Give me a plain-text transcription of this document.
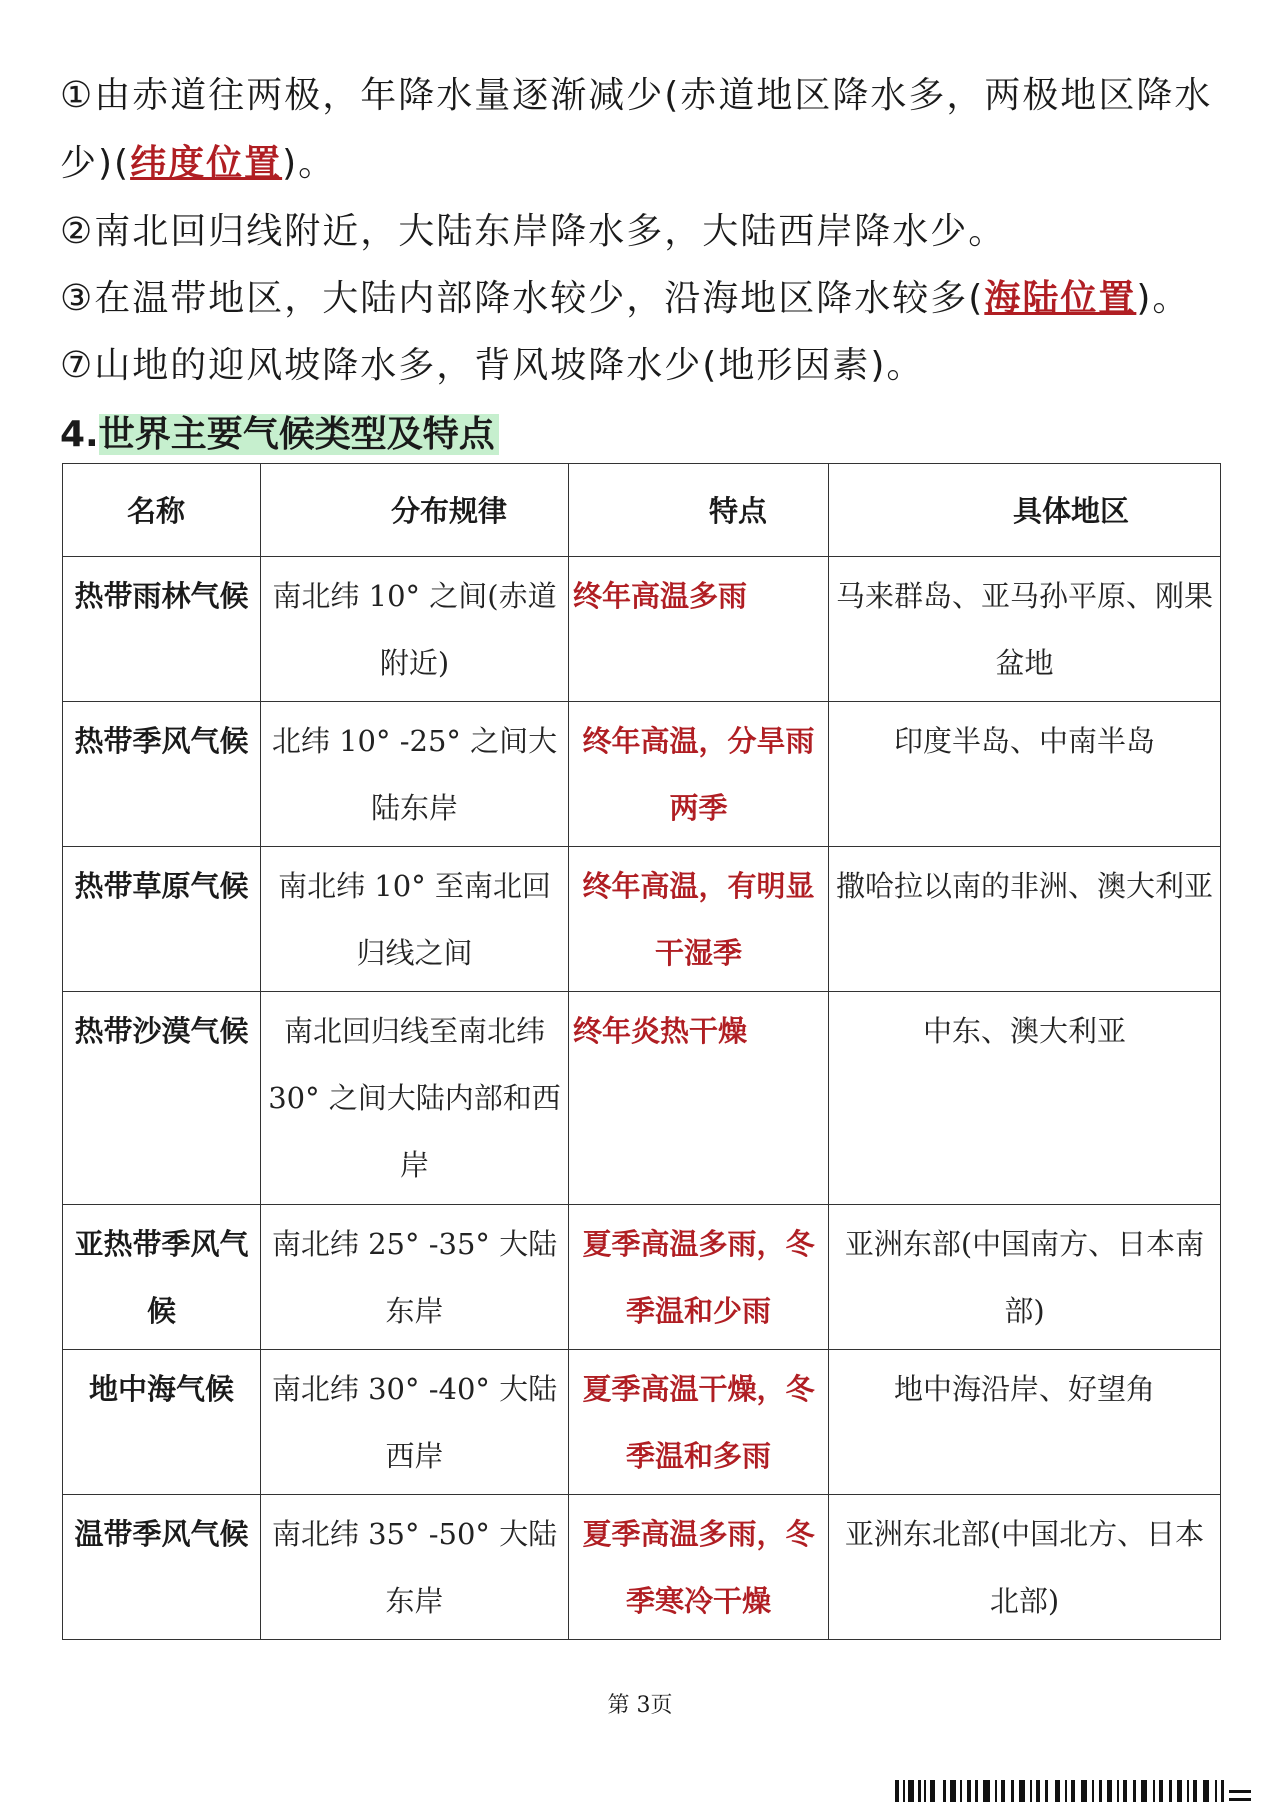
①由赤道往两极，年降水量逐渐减少(赤道地区降水多，两极地区降水少)(纬度位置)。
②南北回归线附近，大陆东岸降水多，大陆西岸降水少。
③在温带地区，大陆内部降水较少，沿海地区降水较多(海陆位置)。
⑦山地的迎风坡降水多，背风坡降水少(地形因素)。
4.世界主要气候类型及特点
名称	分布规律	特点	具体地区
热带雨林气候	南北纬 10° 之间(赤道附近)	终年高温多雨	马来群岛、亚马孙平原、刚果盆地
热带季风气候	北纬 10° -25° 之间大陆东岸	终年高温，分旱雨两季	印度半岛、中南半岛
热带草原气候	南北纬 10° 至南北回归线之间	终年高温，有明显干湿季	撒哈拉以南的非洲、澳大利亚
热带沙漠气候	南北回归线至南北纬30° 之间大陆内部和西岸	终年炎热干燥	中东、澳大利亚
亚热带季风气候	南北纬 25° -35° 大陆东岸	夏季高温多雨，冬季温和少雨	亚洲东部(中国南方、日本南部)
地中海气候	南北纬 30° -40° 大陆西岸	夏季高温干燥，冬季温和多雨	地中海沿岸、好望角
温带季风气候	南北纬 35° -50° 大陆东岸	夏季高温多雨，冬季寒冷干燥	亚洲东北部(中国北方、日本北部)
第 3页
